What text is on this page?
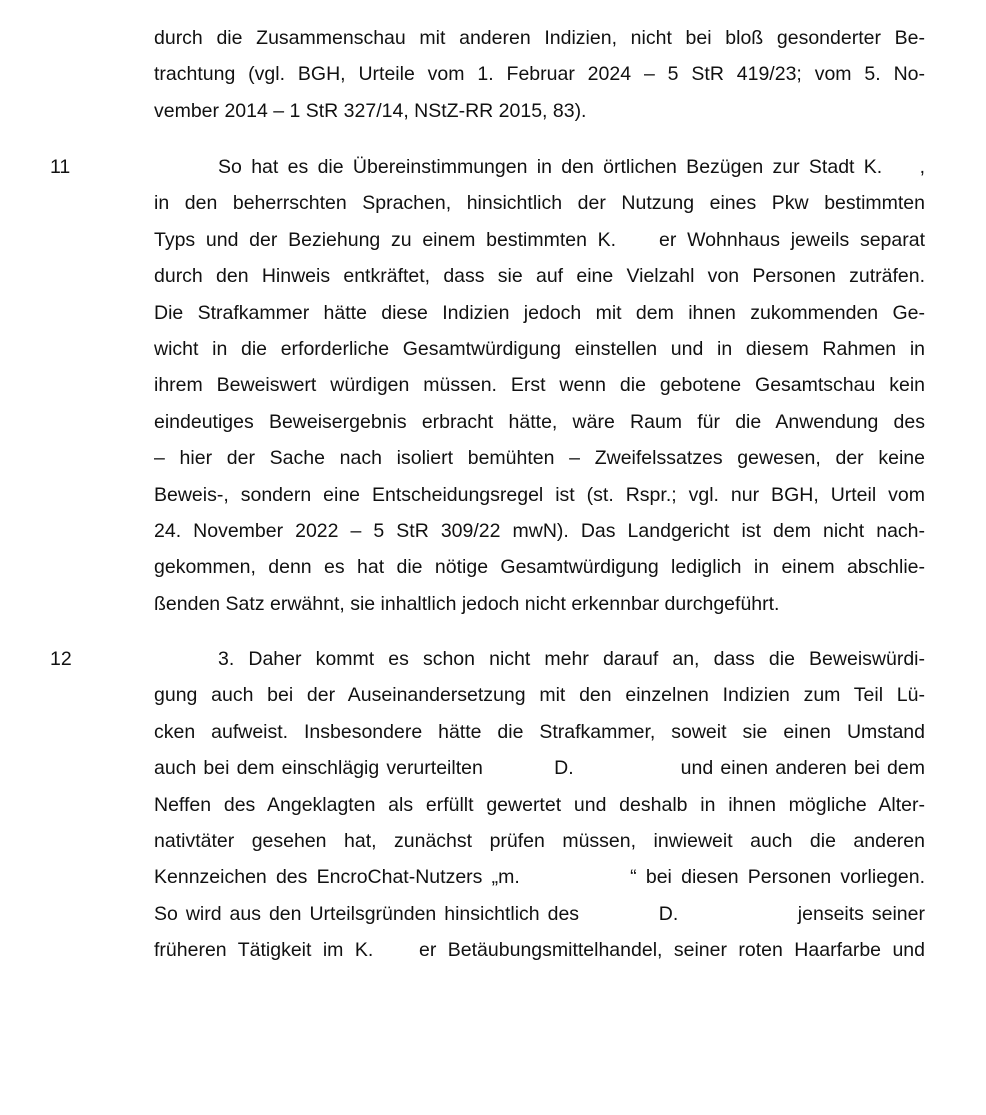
durch die Zusammenschau mit anderen Indizien, nicht bei bloß gesonderter Be-
trachtung (vgl. BGH, Urteile vom 1. Februar 2024 – 5 StR 419/23; vom 5. No-
vember 2014 – 1 StR 327/14, NStZ-RR 2015, 83).
11	So hat es die Übereinstimmungen in den örtlichen Bezügen zur Stadt K.    ,
in den beherrschten Sprachen, hinsichtlich der Nutzung eines Pkw bestimmten
Typs und der Beziehung zu einem bestimmten K.    er Wohnhaus jeweils separat
durch den Hinweis entkräftet, dass sie auf eine Vielzahl von Personen zuträfen.
Die Strafkammer hätte diese Indizien jedoch mit dem ihnen zukommenden Ge-
wicht in die erforderliche Gesamtwürdigung einstellen und in diesem Rahmen in
ihrem Beweiswert würdigen müssen. Erst wenn die gebotene Gesamtschau kein
eindeutiges Beweisergebnis erbracht hätte, wäre Raum für die Anwendung des
– hier der Sache nach isoliert bemühten – Zweifelssatzes gewesen, der keine
Beweis-, sondern eine Entscheidungsregel ist (st. Rspr.; vgl. nur BGH, Urteil vom
24. November 2022 – 5 StR 309/22 mwN). Das Landgericht ist dem nicht nach-
gekommen, denn es hat die nötige Gesamtwürdigung lediglich in einem abschlie-
ßenden Satz erwähnt, sie inhaltlich jedoch nicht erkennbar durchgeführt.
12	3. Daher kommt es schon nicht mehr darauf an, dass die Beweiswürdi-
gung auch bei der Auseinandersetzung mit den einzelnen Indizien zum Teil Lü-
cken aufweist. Insbesondere hätte die Strafkammer, soweit sie einen Umstand
auch bei dem einschlägig verurteilten          D.               und einen anderen bei dem
Neffen des Angeklagten als erfüllt gewertet und deshalb in ihnen mögliche Alter-
nativtäter gesehen hat, zunächst prüfen müssen, inwieweit auch die anderen
Kennzeichen des EncroChat-Nutzers „m.            “ bei diesen Personen vorliegen.
So wird aus den Urteilsgründen hinsichtlich des          D.               jenseits seiner
früheren Tätigkeit im K.    er Betäubungsmittelhandel, seiner roten Haarfarbe und
